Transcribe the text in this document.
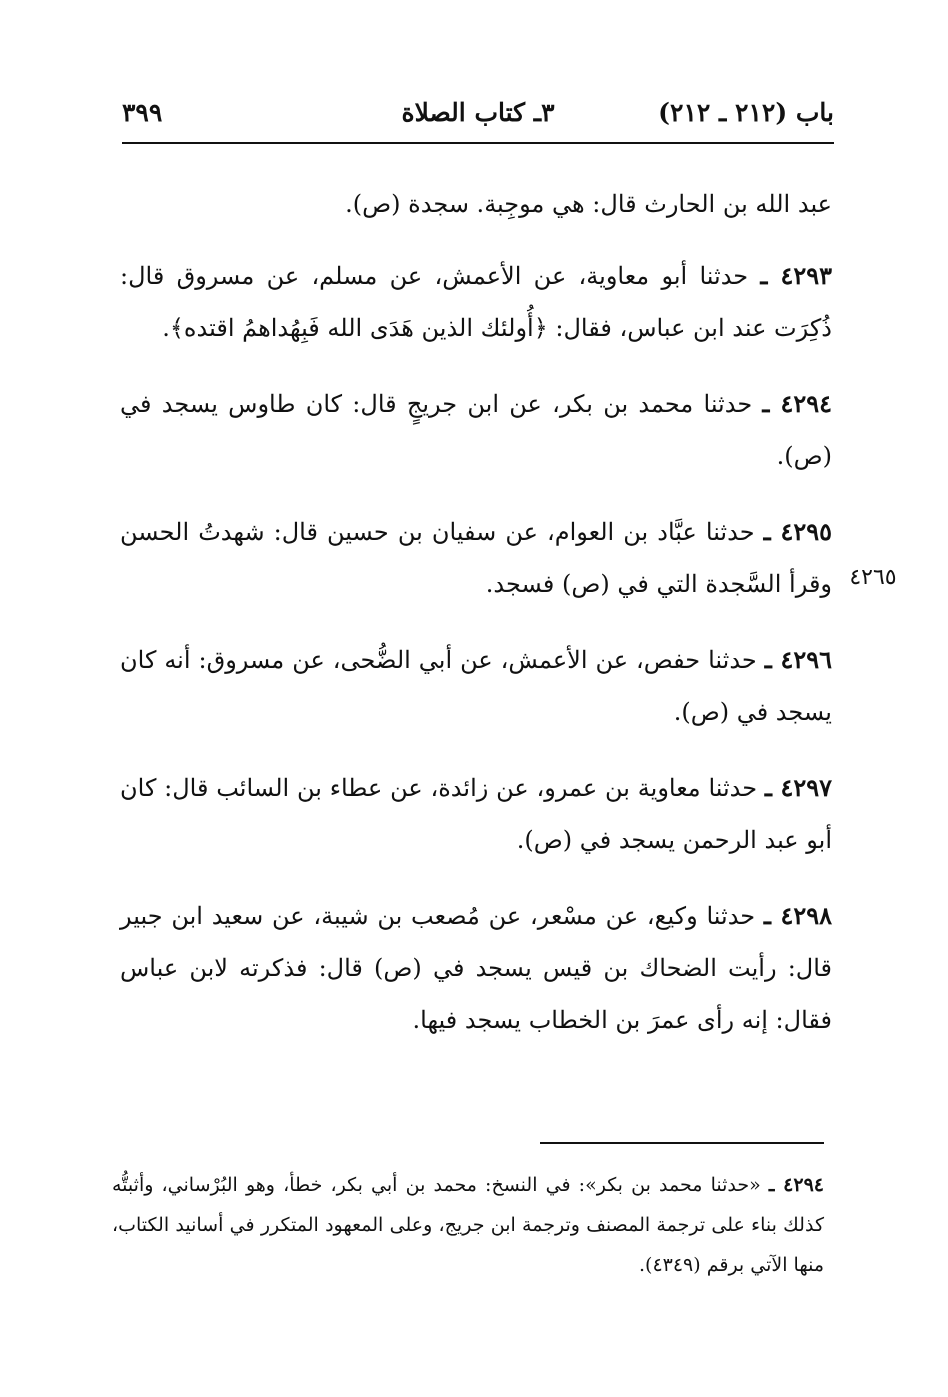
باب (٢١٢ ـ ٢١٢)
٣ـ كتاب الصلاة
٣٩٩
٤٢٦٥

عبد الله بن الحارث قال: هي موجِبة. سجدة (ص).

٤٢٩٣ ـ حدثنا أبو معاوية، عن الأعمش، عن مسلم، عن مسروق قال: ذُكِرَت عند ابن عباس، فقال: ﴿أُولئك الذين هَدَى الله فَبِهُداهمُ اقتده﴾.

٤٢٩٤ ـ حدثنا محمد بن بكر، عن ابن جريجٍ قال: كان طاوس يسجد في (ص).

٤٢٩٥ ـ حدثنا عبَّاد بن العوام، عن سفيان بن حسين قال: شهدتُ الحسن وقرأ السَّجدة التي في (ص) فسجد.

٤٢٩٦ ـ حدثنا حفص، عن الأعمش، عن أبي الضُّحى، عن مسروق: أنه كان يسجد في (ص).

٤٢٩٧ ـ حدثنا معاوية بن عمرو، عن زائدة، عن عطاء بن السائب قال: كان أبو عبد الرحمن يسجد في (ص).

٤٢٩٨ ـ حدثنا وكيع، عن مسْعر، عن مُصعب بن شيبة، عن سعيد ابن جبير قال: رأيت الضحاك بن قيس يسجد في (ص) قال: فذكرته لابن عباس فقال: إنه رأى عمرَ بن الخطاب يسجد فيها.

٤٢٩٤ ـ «حدثنا محمد بن بكر»: في النسخ: محمد بن أبي بكر، خطأ، وهو البُرْساني، وأثبتُّه كذلك بناء على ترجمة المصنف وترجمة ابن جريج، وعلى المعهود المتكرر في أسانيد الكتاب، منها الآتي برقم (٤٣٤٩).
